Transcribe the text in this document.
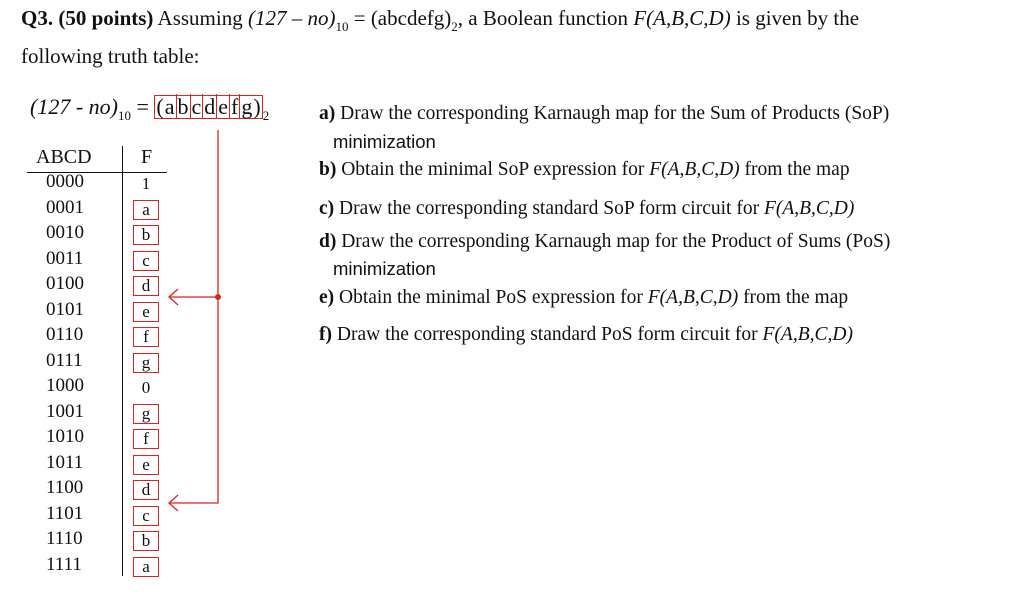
Q3. (50 points) Assuming $(127 - no)_{10}$ = $(abcdefg)_2$, a Boolean function F(A,B,C,D) is given by the
following truth table:
$(127 - no)_{10} = (a$ b c d e f g) $_2$
ABCD F
0000	1
0001	a
0010	b
0011	c
0100	d
0101	e
0110	f
0111	g
1000	0
1001	g
1010	f
1011	e
1100	d
1101	c
1110	b
1111	a
a) Draw the corresponding Karnaugh map for the Sum of Products (SoP)
minimization
b) Obtain the minimal SoP expression for F(A,B,C,D) from the map
c) Draw the corresponding standard SoP form circuit for F(A,B,C,D)
d) Draw the corresponding Karnaugh map for the Product of Sums (PoS)
minimization
e) Obtain the minimal PoS expression for F(A,B,C,D) from the map
f) Draw the corresponding standard PoS form circuit for F(A,B,C,D)
